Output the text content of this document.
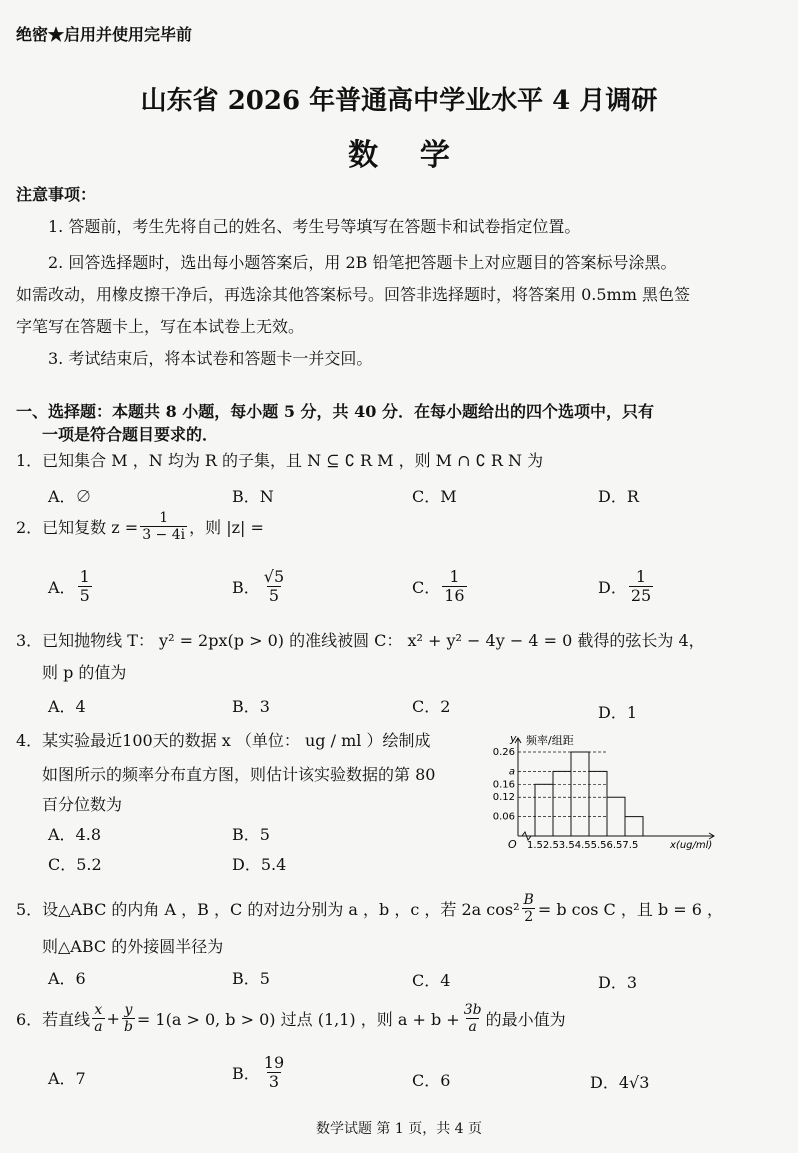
绝密★启用并使用完毕前
山东省 2026 年普通高中学业水平 4 月调研
数    学
注意事项：
1. 答题前，考生先将自己的姓名、考生号等填写在答题卡和试卷指定位置。
2. 回答选择题时，选出每小题答案后，用 2B 铅笔把答题卡上对应题目的答案标号涂黑。
如需改动，用橡皮擦干净后，再选涂其他答案标号。回答非选择题时，将答案用 0.5mm 黑色签
字笔写在答题卡上，写在本试卷上无效。
3. 考试结束后，将本试卷和答题卡一并交回。
一、选择题：本题共 8 小题，每小题 5 分，共 40 分．在每小题给出的四个选项中，只有
一项是符合题目要求的．
1．已知集合 M ，N 均为 R 的子集，且 N ⊆ ∁ R M ，则 M ∩ ∁ R N 为
A．∅	B．N	C．M	D．R
2．已知复数 $z = \frac{1}{3 - 4i}$ ，则 |z| =
A． $\frac{1}{5}$	B． $\frac{√5}{5}$	C． $\frac{1}{16}$	D． $\frac{1}{25}$
3．已知抛物线 T： y² = 2px(p > 0) 的准线被圆 C： x² + y² − 4y − 4 = 0 截得的弦长为 4，
则 p 的值为
A．4	B．3	C．2	D．1
4．某实验最近100天的数据 x （单位： ug / ml ）绘制成
如图所示的频率分布直方图，则估计该实验数据的第 80
百分位数为
A．4.8	B．5
C．5.2	D．5.4
0.26
a
0.16
0.12
0.06
y 频率/组距
O 1.52.53.54.55.56.57.5	x(ug/ml)
5．设△ABC 的内角 A ，B ，C 的对边分别为 a ，b ，c ，若 2a $\cos^2 \frac{B}{2} = b$ cos C ，且 b = 6 ，
则△ABC 的外接圆半径为
A．6	B．5	C．4	D．3
6．若直线 $\frac{x}{a} + \frac{y}{b} = 1(a > 0$, b > 0) 过点 (1,1) ，则 $a + b + \frac{3b}{a}$ 的最小值为
A．7	B． $\frac{19}{3}$	C．6	D．4√3
数学试题 第 1 页，共 4 页
